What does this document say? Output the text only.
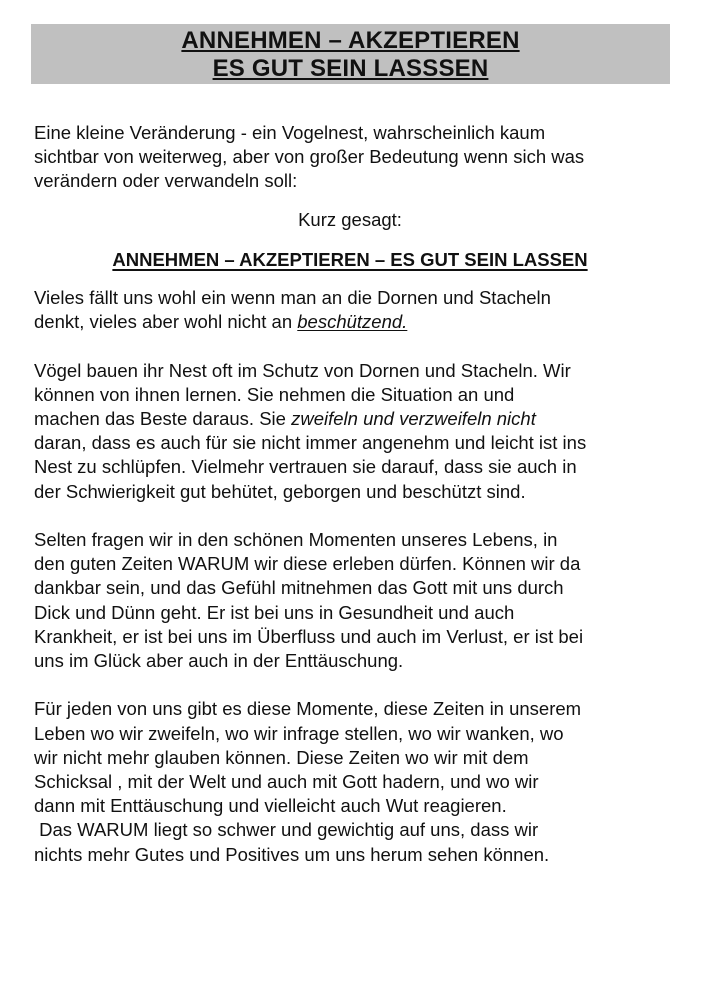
ANNEHMEN – AKZEPTIEREN
ES GUT SEIN LASSSEN

Eine kleine Veränderung - ein Vogelnest, wahrscheinlich kaum

sichtbar von weiterweg, aber von großer Bedeutung wenn sich was

verändern oder verwandeln soll:

Kurz gesagt:

ANNEHMEN – AKZEPTIEREN – ES GUT SEIN LASSEN

Vieles fällt uns wohl ein wenn man an die Dornen und Stacheln

denkt, vieles aber wohl nicht an beschützend.

Vögel bauen ihr Nest oft im Schutz von Dornen und Stacheln. Wir

können von ihnen lernen. Sie nehmen die Situation an und

machen das Beste daraus. Sie zweifeln und verzweifeln nicht

daran, dass es auch für sie nicht immer angenehm und leicht ist ins

Nest zu schlüpfen. Vielmehr vertrauen sie darauf, dass sie auch in

der Schwierigkeit gut behütet, geborgen und beschützt sind.

Selten fragen wir in den schönen Momenten unseres Lebens, in

den guten Zeiten WARUM wir diese erleben dürfen. Können wir da

dankbar sein, und das Gefühl mitnehmen das Gott mit uns durch

Dick und Dünn geht. Er ist bei uns in Gesundheit und auch

Krankheit, er ist bei uns im Überfluss und auch im Verlust, er ist bei

uns im Glück aber auch in der Enttäuschung.

Für jeden von uns gibt es diese Momente, diese Zeiten in unserem

Leben wo wir zweifeln, wo wir infrage stellen, wo wir wanken, wo

wir nicht mehr glauben können. Diese Zeiten wo wir mit dem

Schicksal , mit der Welt und auch mit Gott hadern, und wo wir

dann mit Enttäuschung und vielleicht auch Wut reagieren.

Das WARUM liegt so schwer und gewichtig auf uns, dass wir

nichts mehr Gutes und Positives um uns herum sehen können.
